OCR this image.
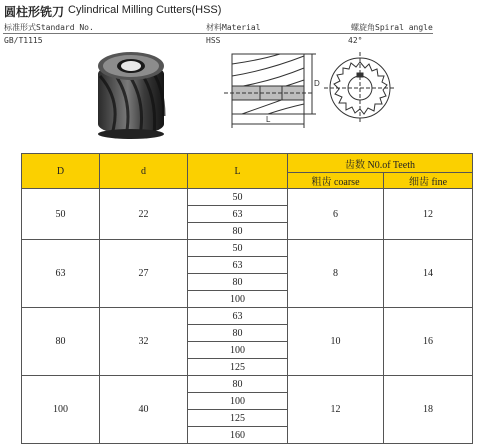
圆柱形铣刀 Cylindrical Milling Cutters(HSS)
标准形式Standard No.	材料Material	螺旋角Spiral angle
GB/T1115	HSS	42°
D
L
D	d	L	齿数 N0.of Teeth	
			粗齿 coarse	细齿 fine
50	22	50	6	12
		63		
		80		
63	27	50	8	14
		63		
		80		
		100		
80	32	63	10	16
		80		
		100		
		125		
100	40	80	12	18
		100		
		125		
		160		
